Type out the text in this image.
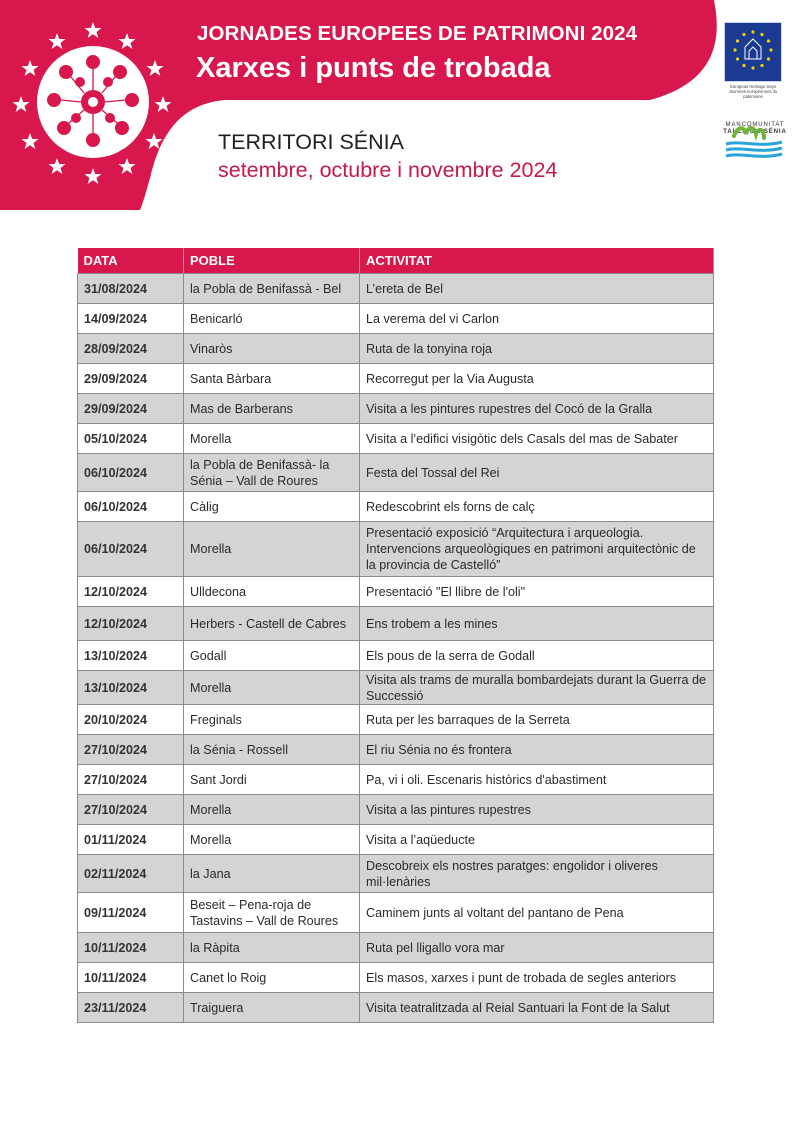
JORNADES EUROPEES DE PATRIMONI 2024
Xarxes i punts de trobada
TERRITORI SÉNIA
setembre, octubre i novembre 2024
European Heritage Days
Journées européennes du patrimoine
MANCOMUNITAT
TAULA del SÉNIA
DATA	POBLE	ACTIVITAT
31/08/2024	la Pobla de Benifassà - Bel	L’ereta de Bel
14/09/2024	Benicarló	La verema del vi Carlon
28/09/2024	Vinaròs	Ruta de la tonyina roja
29/09/2024	Santa Bàrbara	Recorregut per la Via Augusta
29/09/2024	Mas de Barberans	Visita a les pintures rupestres del Cocó de la Gralla
05/10/2024	Morella	Visita a l’edifici visigòtic dels Casals del mas de Sabater
06/10/2024	la Pobla de Benifassà- la Sénia – Vall de Roures	Festa del Tossal del Rei
06/10/2024	Càlig	Redescobrint els forns de calç
06/10/2024	Morella	Presentació exposició “Arquitectura i arqueologia. Intervencions arqueològiques en patrimoni arquitectònic de la provincia de Castelló”
12/10/2024	Ulldecona	Presentació "El llibre de l'oli"
12/10/2024	Herbers - Castell de Cabres	Ens trobem a les mines
13/10/2024	Godall	Els pous de la serra de Godall
13/10/2024	Morella	Visita als trams de muralla bombardejats durant la Guerra de Successió
20/10/2024	Freginals	Ruta per les barraques de la Serreta
27/10/2024	la Sénia - Rossell	El riu Sénia no és frontera
27/10/2024	Sant Jordi	Pa, vi i oli. Escenaris històrics d'abastiment
27/10/2024	Morella	Visita a las pintures rupestres
01/11/2024	Morella	Visita a l’aqüeducte
02/11/2024	la Jana	Descobreix els nostres paratges: engolidor i oliveres mil·lenàries
09/11/2024	Beseit – Pena-roja de Tastavins – Vall de Roures	Caminem junts al voltant del pantano de Pena
10/11/2024	la Ràpita	Ruta pel lligallo vora mar
10/11/2024	Canet lo Roig	Els masos, xarxes i punt de trobada de segles anteriors
23/11/2024	Traiguera	Visita teatralitzada al Reial Santuari la Font de la Salut
